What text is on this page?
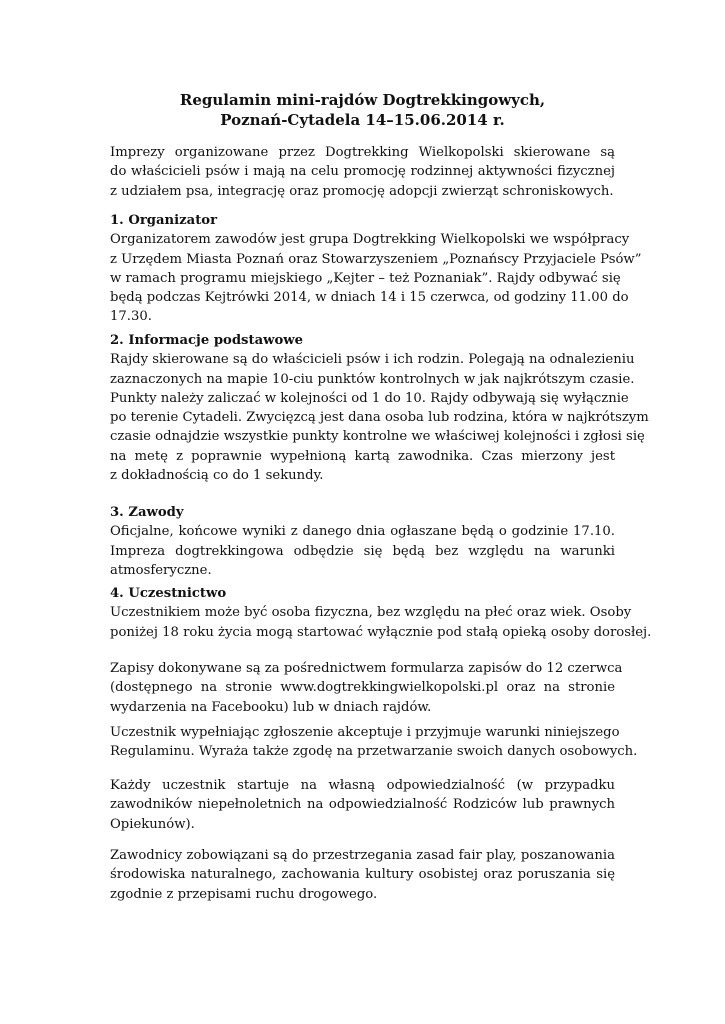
Regulamin mini-rajdów Dogtrekkingowych,
Poznań-Cytadela 14–15.06.2014 r.
Imprezy organizowane przez Dogtrekking Wielkopolski skierowane są
do właścicieli psów i mają na celu promocję rodzinnej aktywności fizycznej
z udziałem psa, integrację oraz promocję adopcji zwierząt schroniskowych.
1. Organizator
Organizatorem zawodów jest grupa Dogtrekking Wielkopolski we współpracy
z Urzędem Miasta Poznań oraz Stowarzyszeniem „Poznańscy Przyjaciele Psów”
w ramach programu miejskiego „Kejter – też Poznaniak”. Rajdy odbywać się
będą podczas Kejtrówki 2014, w dniach 14 i 15 czerwca, od godziny 11.00 do
17.30.
2. Informacje podstawowe
Rajdy skierowane są do właścicieli psów i ich rodzin. Polegają na odnalezieniu
zaznaczonych na mapie 10-ciu punktów kontrolnych w jak najkrótszym czasie.
Punkty należy zaliczać w kolejności od 1 do 10. Rajdy odbywają się wyłącznie
po terenie Cytadeli. Zwycięzcą jest dana osoba lub rodzina, która w najkrótszym
czasie odnajdzie wszystkie punkty kontrolne we właściwej kolejności i zgłosi się
na metę z poprawnie wypełnioną kartą zawodnika. Czas mierzony jest
z dokładnością co do 1 sekundy.
3. Zawody
Oficjalne, końcowe wyniki z danego dnia ogłaszane będą o godzinie 17.10.
Impreza dogtrekkingowa odbędzie się będą bez względu na warunki
atmosferyczne.
4. Uczestnictwo
Uczestnikiem może być osoba fizyczna, bez względu na płeć oraz wiek. Osoby
poniżej 18 roku życia mogą startować wyłącznie pod stałą opieką osoby dorosłej.
Zapisy dokonywane są za pośrednictwem formularza zapisów do 12 czerwca
(dostępnego na stronie www.dogtrekkingwielkopolski.pl oraz na stronie
wydarzenia na Facebooku) lub w dniach rajdów.
Uczestnik wypełniając zgłoszenie akceptuje i przyjmuje warunki niniejszego
Regulaminu. Wyraża także zgodę na przetwarzanie swoich danych osobowych.
Każdy uczestnik startuje na własną odpowiedzialność (w przypadku
zawodników niepełnoletnich na odpowiedzialność Rodziców lub prawnych
Opiekunów).
Zawodnicy zobowiązani są do przestrzegania zasad fair play, poszanowania
środowiska naturalnego, zachowania kultury osobistej oraz poruszania się
zgodnie z przepisami ruchu drogowego.
